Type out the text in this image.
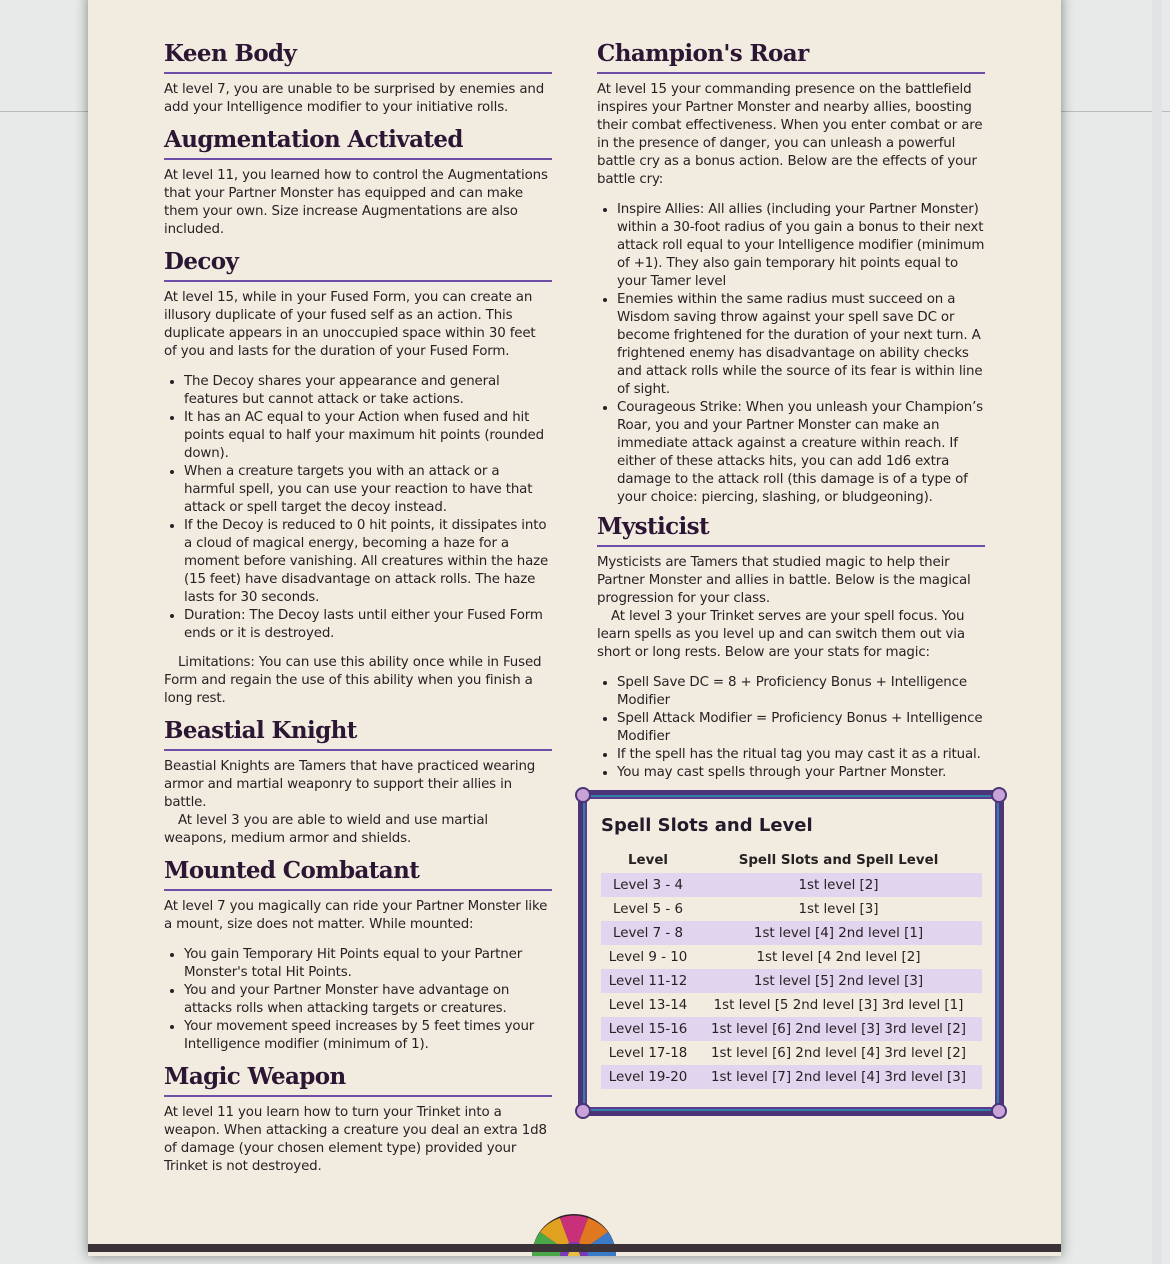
Keen Body

At level 7, you are unable to be surprised by enemies and add your Intelligence modifier to your initiative rolls.

Augmentation Activated

At level 11, you learned how to control the Augmentations that your Partner Monster has equipped and can make them your own. Size increase Augmentations are also included.

Decoy

At level 15, while in your Fused Form, you can create an illusory duplicate of your fused self as an action. This duplicate appears in an unoccupied space within 30 feet of you and lasts for the duration of your Fused Form.

• The Decoy shares your appearance and general features but cannot attack or take actions.
• It has an AC equal to your Action when fused and hit points equal to half your maximum hit points (rounded down).
• When a creature targets you with an attack or a harmful spell, you can use your reaction to have that attack or spell target the decoy instead.
• If the Decoy is reduced to 0 hit points, it dissipates into a cloud of magical energy, becoming a haze for a moment before vanishing. All creatures within the haze (15 feet) have disadvantage on attack rolls. The haze lasts for 30 seconds.
• Duration: The Decoy lasts until either your Fused Form ends or it is destroyed.

Limitations: You can use this ability once while in Fused Form and regain the use of this ability when you finish a long rest.

Beastial Knight

Beastial Knights are Tamers that have practiced wearing armor and martial weaponry to support their allies in battle.

At level 3 you are able to wield and use martial weapons, medium armor and shields.

Mounted Combatant

At level 7 you magically can ride your Partner Monster like a mount, size does not matter. While mounted:

• You gain Temporary Hit Points equal to your Partner Monster's total Hit Points.
• You and your Partner Monster have advantage on attacks rolls when attacking targets or creatures.
• Your movement speed increases by 5 feet times your Intelligence modifier (minimum of 1).
Magic Weapon

At level 11 you learn how to turn your Trinket into a weapon. When attacking a creature you deal an extra 1d8 of damage (your chosen element type) provided your Trinket is not destroyed.

Champion's Roar

At level 15 your commanding presence on the battlefield inspires your Partner Monster and nearby allies, boosting their combat effectiveness. When you enter combat or are in the presence of danger, you can unleash a powerful battle cry as a bonus action. Below are the effects of your battle cry:

• Inspire Allies: All allies (including your Partner Monster) within a 30-foot radius of you gain a bonus to their next attack roll equal to your Intelligence modifier (minimum of +1). They also gain temporary hit points equal to your Tamer level
• Enemies within the same radius must succeed on a Wisdom saving throw against your spell save DC or become frightened for the duration of your next turn. A frightened enemy has disadvantage on ability checks and attack rolls while the source of its fear is within line of sight.
• Courageous Strike: When you unleash your Champion’s Roar, you and your Partner Monster can make an immediate attack against a creature within reach. If either of these attacks hits, you can add 1d6 extra damage to the attack roll (this damage is of a type of your choice: piercing, slashing, or bludgeoning).
Mysticist

Mysticists are Tamers that studied magic to help their Partner Monster and allies in battle. Below is the magical progression for your class.

At level 3 your Trinket serves are your spell focus. You learn spells as you level up and can switch them out via short or long rests. Below are your stats for magic:

• Spell Save DC = 8 + Proficiency Bonus + Intelligence Modifier
• Spell Attack Modifier = Proficiency Bonus + Intelligence Modifier
• If the spell has the ritual tag you may cast it as a ritual.
• You may cast spells through your Partner Monster.
Spell Slots and Level
Level	Spell Slots and Spell Level
Level 3 - 4	1st level [2]
Level 5 - 6	1st level [3]
Level 7 - 8	1st level [4] 2nd level [1]
Level 9 - 10	1st level [4 2nd level [2]
Level 11-12	1st level [5] 2nd level [3]
Level 13-14	1st level [5 2nd level [3] 3rd level [1]
Level 15-16	1st level [6] 2nd level [3] 3rd level [2]
Level 17-18	1st level [6] 2nd level [4] 3rd level [2]
Level 19-20	1st level [7] 2nd level [4] 3rd level [3]
